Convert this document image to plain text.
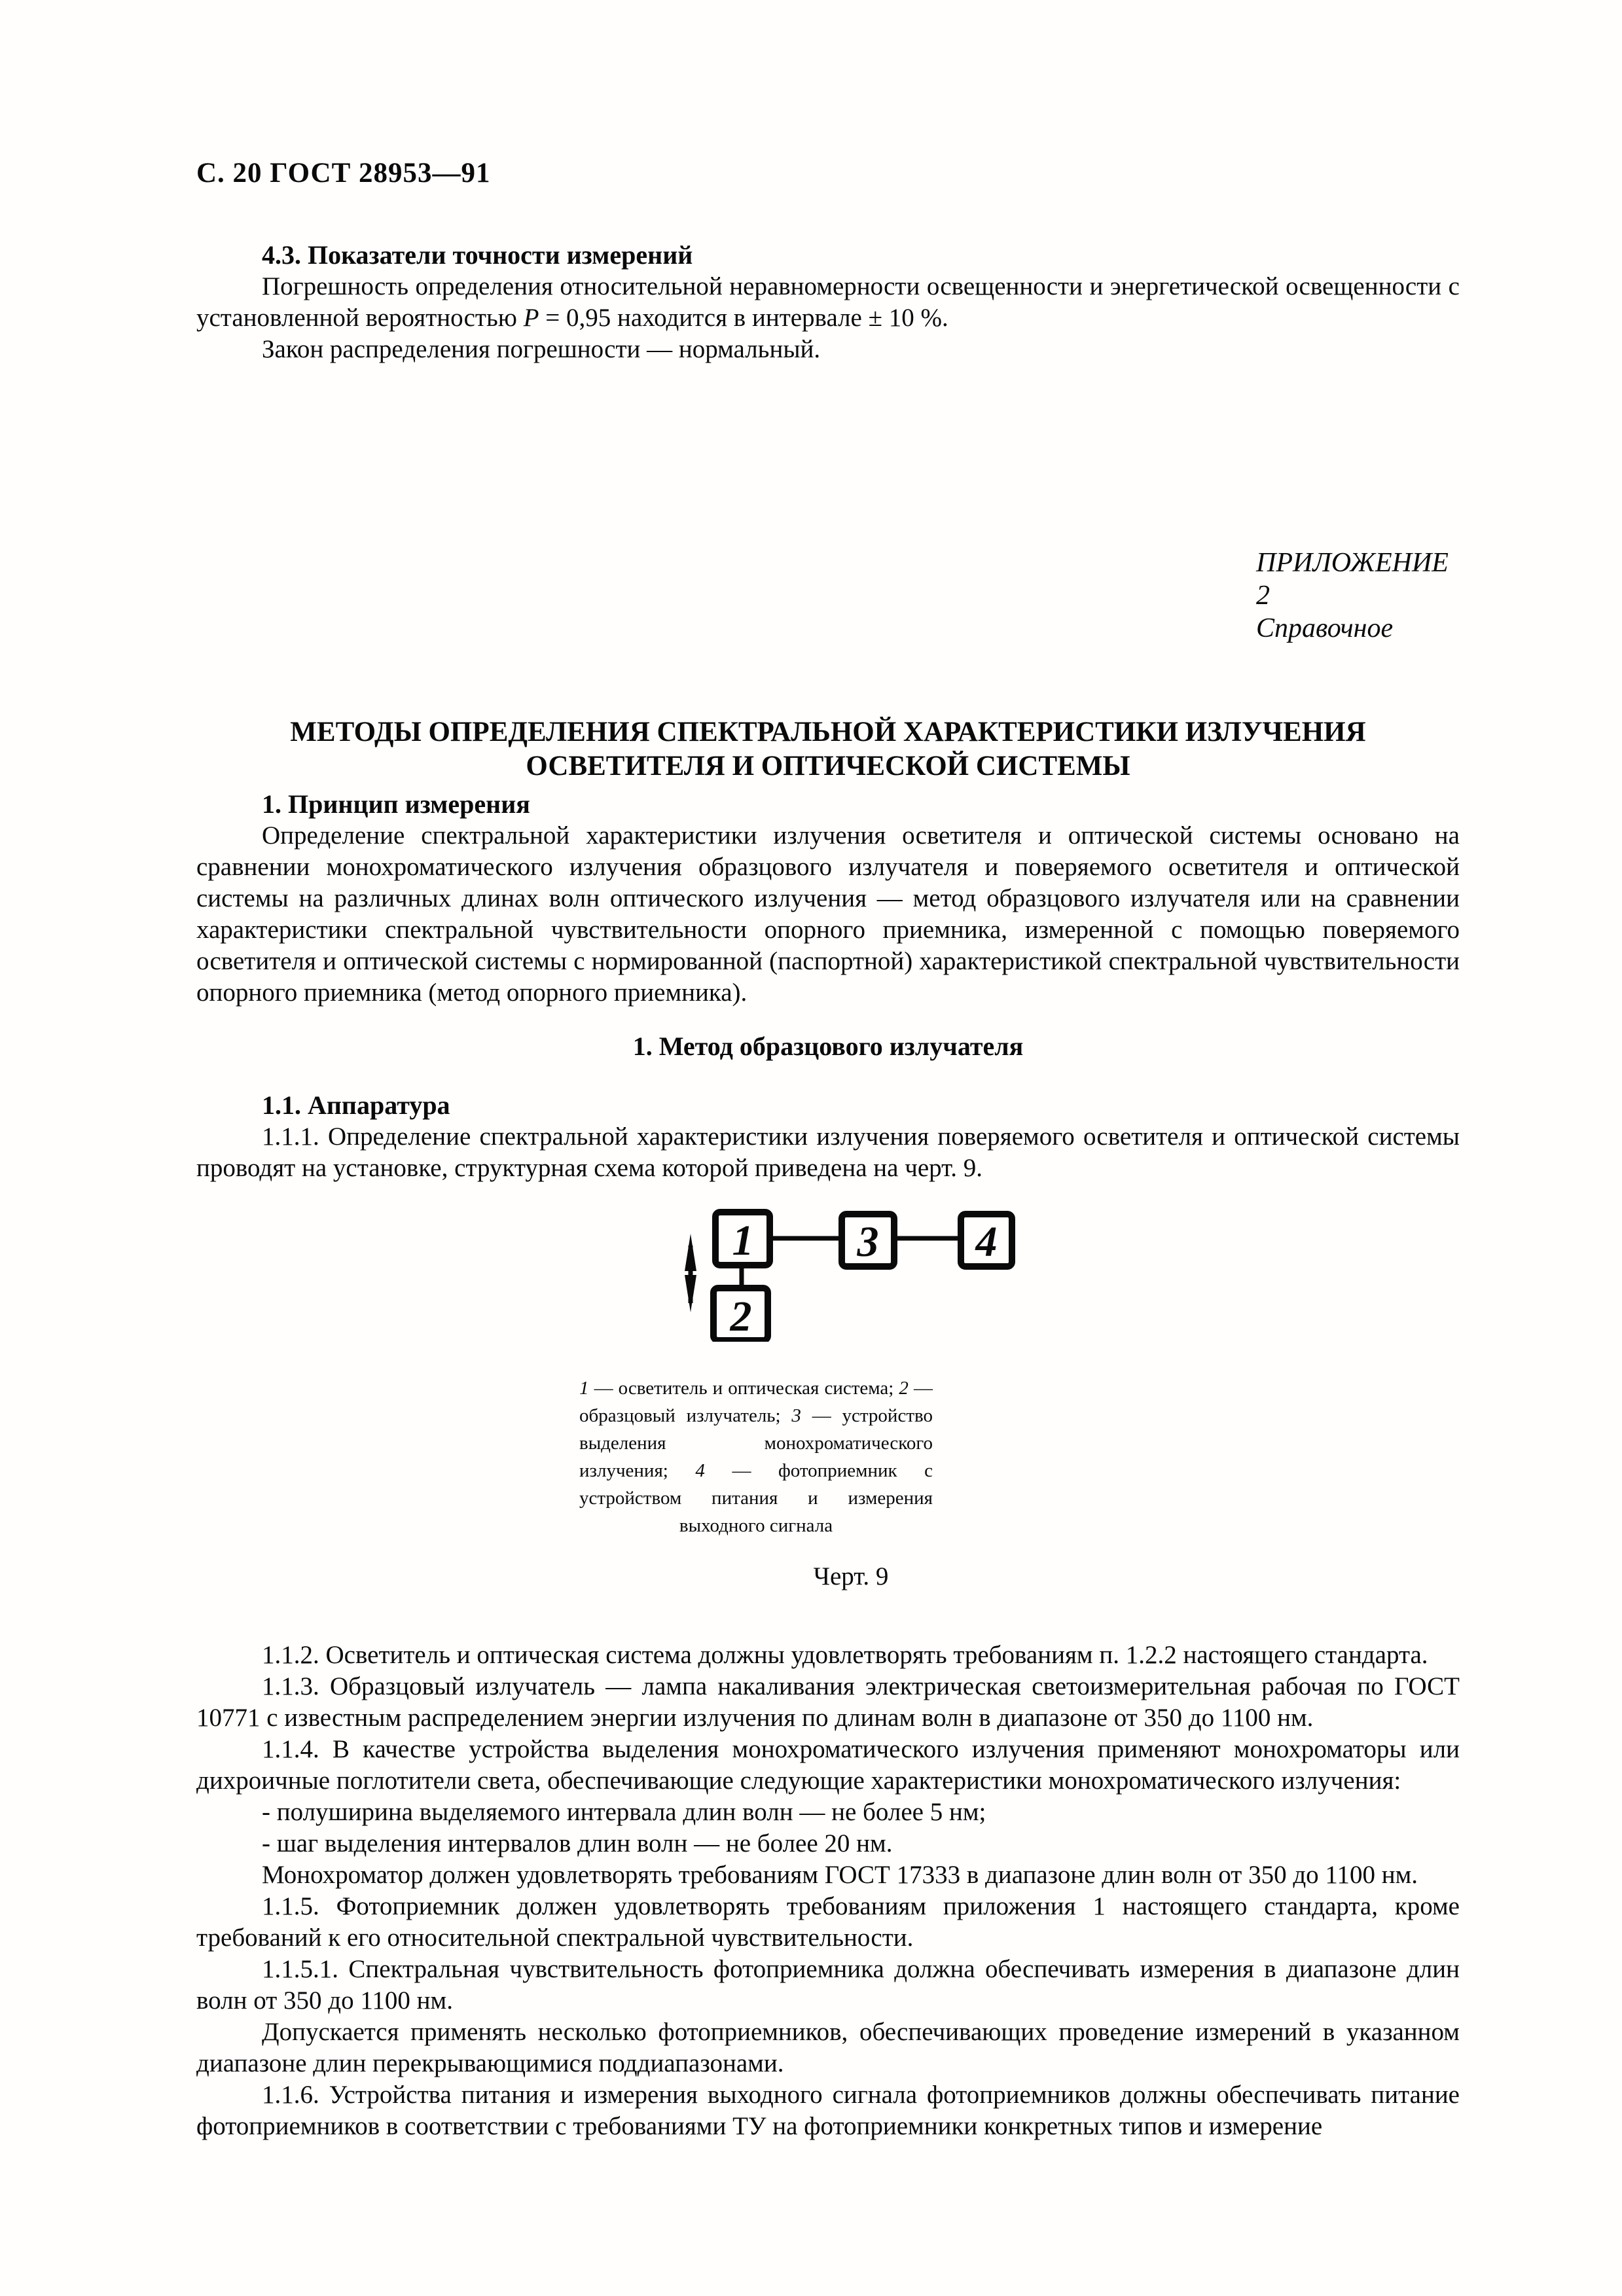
С. 20 ГОСТ 28953—91
4.3. Показатели точности измерений

Погрешность определения относительной неравномерности освещенности и энергетической освещенности с установленной вероятностью Р = 0,95 находится в интервале ± 10 %.

Закон распределения погрешности — нормальный.

ПРИЛОЖЕНИЕ 2
Справочное
МЕТОДЫ ОПРЕДЕЛЕНИЯ СПЕКТРАЛЬНОЙ ХАРАКТЕРИСТИКИ ИЗЛУЧЕНИЯ
ОСВЕТИТЕЛЯ И ОПТИЧЕСКОЙ СИСТЕМЫ
1. Принцип измерения

Определение спектральной характеристики излучения осветителя и оптической системы основано на сравнении монохроматического излучения образцового излучателя и поверяемого осветителя и оптической системы на различных длинах волн оптического излучения — метод образцового излучателя или на сравнении характеристики спектральной чувствительности опорного приемника, измеренной с помощью поверяемого осветителя и оптической системы с нормированной (паспортной) характеристикой спектральной чувствительности опорного приемника (метод опорного приемника).

1. Метод образцового излучателя
1.1. Аппаратура

1.1.1. Определение спектральной характеристики излучения поверяемого осветителя и оптической системы проводят на установке, структурная схема которой приведена на черт. 9.

1
2
3 4
1 — осветитель и оптическая система; 2 — образцовый излучатель; 3 — устройство выделения монохроматического излучения; 4 — фотоприемник с устройством питания и измерения выходного сигнала
Черт. 9

1.1.2. Осветитель и оптическая система должны удовлетворять требованиям п. 1.2.2 настоящего стандарта.

1.1.3. Образцовый излучатель — лампа накаливания электрическая светоизмерительная рабочая по ГОСТ 10771 с известным распределением энергии излучения по длинам волн в диапазоне от 350 до 1100 нм.

1.1.4. В качестве устройства выделения монохроматического излучения применяют монохроматоры или дихроичные поглотители света, обеспечивающие следующие характеристики монохроматического излучения:

- полуширина выделяемого интервала длин волн — не более 5 нм;

- шаг выделения интервалов длин волн — не более 20 нм.

Монохроматор должен удовлетворять требованиям ГОСТ 17333 в диапазоне длин волн от 350 до 1100 нм.

1.1.5. Фотоприемник должен удовлетворять требованиям приложения 1 настоящего стандарта, кроме требований к его относительной спектральной чувствительности.

1.1.5.1. Спектральная чувствительность фотоприемника должна обеспечивать измерения в диапазоне длин волн от 350 до 1100 нм.

Допускается применять несколько фотоприемников, обеспечивающих проведение измерений в указанном диапазоне длин перекрывающимися поддиапазонами.

1.1.6. Устройства питания и измерения выходного сигнала фотоприемников должны обеспечивать питание фотоприемников в соответствии с требованиями ТУ на фотоприемники конкретных типов и измерение
